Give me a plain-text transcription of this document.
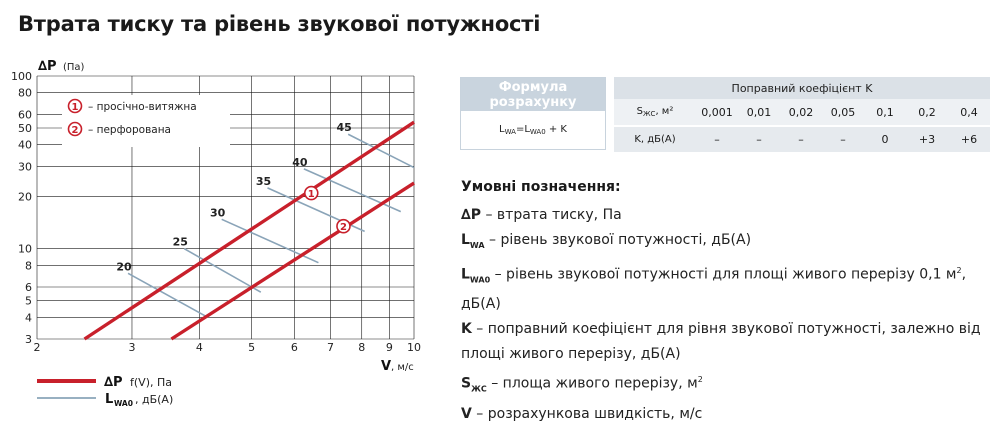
Втрата тиску та рівень звукової потужності
3
4
5
6
8
10
20
30
40
50
60
80
100
2	3	4	5	6	7 8 9 10
∆P (Па)
V , м/с
20
25
30
35
40
45
1
2
1 – просічно-витяжна
2 – перфорована
∆P f(V), Па
L WA0 , дБ(А)
Формула розрахунку
$L_{WA}=L_{WA0} + K$
Поправний коефіцієнт K							
$S_{ЖС}$, м²	0,001	0,01	0,02	0,05	0,1	0,2	0,4
K, дБ(А)	–	–	–	–	0	+3	+6
Умовні позначення:
∆P – втрата тиску, Па
$L_{WA}$ – рівень звукової потужності, дБ(А)
$L_{WA0}$ – рівень звукової потужності для площі живого перерізу 0,1 $м^2$, дБ(А)
K – поправний коефіцієнт для рівня звукової потужності, залежно від площі живого перерізу, дБ(А)
$S_{ЖС}$ – площа живого перерізу, $м^2$
V – розрахункова швидкість, м/с
